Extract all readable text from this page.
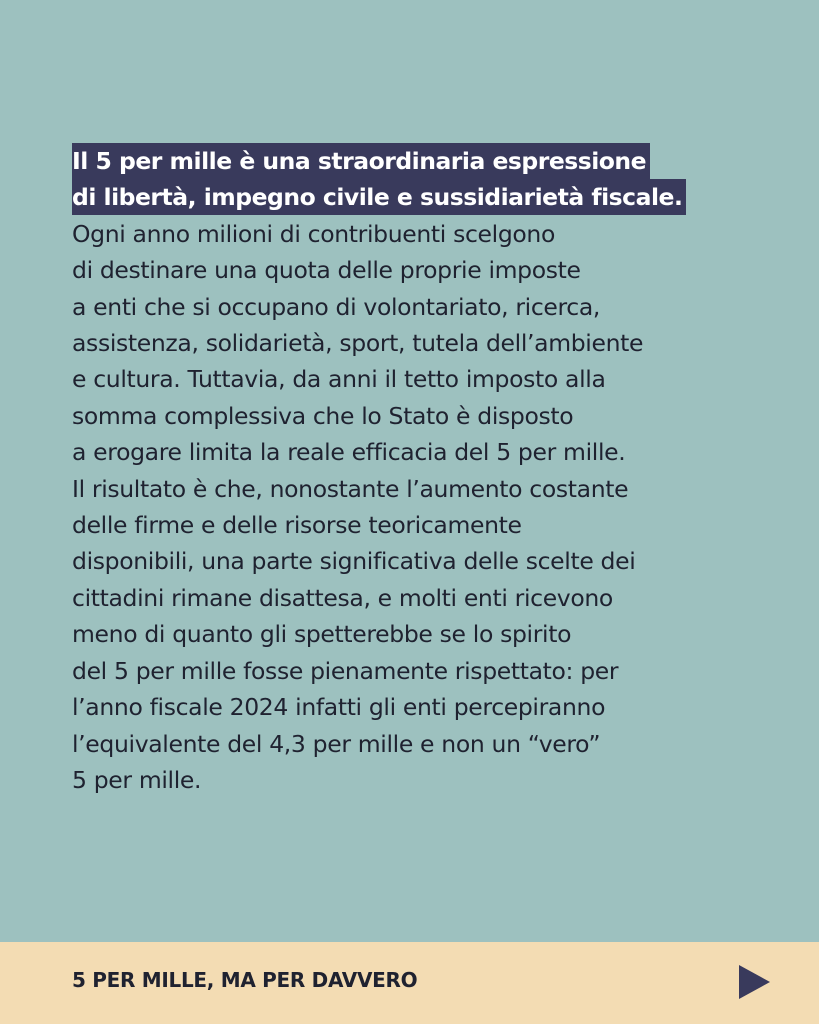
Il 5 per mille è una straordinaria espressione
di libertà, impegno civile e sussidiarietà fiscale.
Ogni anno milioni di contribuenti scelgono
di destinare una quota delle proprie imposte
a enti che si occupano di volontariato, ricerca,
assistenza, solidarietà, sport, tutela dell’ambiente
e cultura. Tuttavia, da anni il tetto imposto alla
somma complessiva che lo Stato è disposto
a erogare limita la reale efficacia del 5 per mille.
Il risultato è che, nonostante l’aumento costante
delle firme e delle risorse teoricamente
disponibili, una parte significativa delle scelte dei
cittadini rimane disattesa, e molti enti ricevono
meno di quanto gli spetterebbe se lo spirito
del 5 per mille fosse pienamente rispettato: per
l’anno fiscale 2024 infatti gli enti percepiranno
l’equivalente del 4,3 per mille e non un “vero”
5 per mille.
5 PER MILLE, MA PER DAVVERO
